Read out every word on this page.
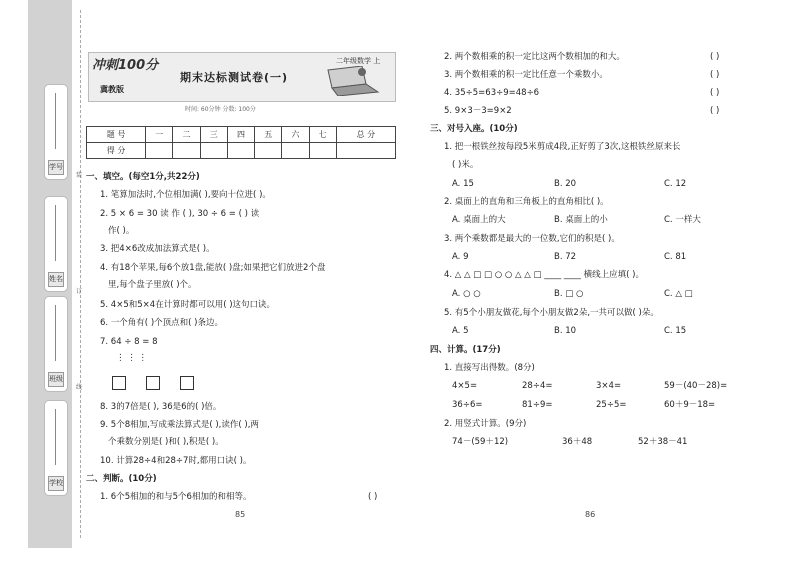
学号
姓名
班级
学校
装
订
线
冲刺100分
冀教版
期末达标测试卷(一)
二年级数学 上
时间: 60分钟 分数: 100分
题 号	一	二	三	四	五	六	七	总 分
得 分								
一、填空。(每空1分,共22分)
1. 笔算加法时,个位相加满( ),要向十位进( )。
2. 5 × 6 = 30 读 作 ( ), 30 ÷ 6 = ( ) 读
作( )。
3. 把4×6改成加法算式是( )。
4. 有18个苹果,每6个放1盘,能放( )盘;如果把它们放进2个盘
里,每个盘子里放( )个。
5. 4×5和5×4在计算时都可以用( )这句口诀。
6. 一个角有( )个顶点和( )条边。
7. 64 ÷ 8 = 8
⋮ ⋮ ⋮
8. 3的7倍是( ), 36是6的( )倍。
9. 5个8相加,写成乘法算式是( ),读作( ),两
个乘数分别是( )和( ),积是( )。
10. 计算28÷4和28÷7时,都用口诀( )。
二、判断。(10分)
1. 6个5相加的和与5个6相加的和相等。	( )
85
2. 两个数相乘的积一定比这两个数相加的和大。	( )
3. 两个数相乘的积一定比任意一个乘数小。	( )
4. 35÷5=63÷9=48÷6	( )
5. 9×3－3=9×2	( )
三、对号入座。(10分)
1. 把一根铁丝按每段5米剪成4段,正好剪了3次,这根铁丝原来长
( )米。
A. 15	B. 20	C. 12
2. 桌面上的直角和三角板上的直角相比( )。
A. 桌面上的大	B. 桌面上的小	C. 一样大
3. 两个乘数都是最大的一位数,它们的积是( )。
A. 9	B. 72	C. 81
4. △ △ □ □ ○ ○ △ △ □ ____ ____ 横线上应填( )。
A. ○ ○	B. □ ○	C. △ □
5. 有5个小朋友做花,每个小朋友做2朵,一共可以做( )朵。
A. 5	B. 10	C. 15
四、计算。(17分)
1. 直接写出得数。(8分)
4×5=	28÷4=	3×4=	59－(40－28)=
36÷6=	81÷9=	25÷5=	60＋9－18=
2. 用竖式计算。(9分)
74－(59＋12)	36＋48	52＋38－41
86
